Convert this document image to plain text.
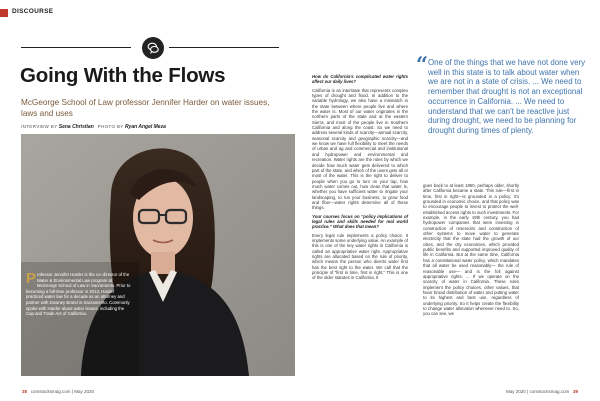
DISCOURSE
Going With the Flows

McGeorge School of Law professor Jennifer Harder on water issues, laws and uses

INTERVIEW BY Sena Christian PHOTO BY Ryan Angel Meza
P rofessor Jennifer Harder is the co–director of the Water & Environmental Law program at McGeorge School of Law in Sacramento. Prior to becoming a full-time professor in 2013, Harder practiced water law for a decade as an attorney and partner with Downey Brand in Sacramento. Commonly spoke with Harder about water issues, including the Cap and Trade Act of California.
38 comstocksmag.com | May 2020

How do California’s complicated water rights affect our daily lives?

California is an interstate that represents complex types of drought and flood. In addition to the variable hydrology, we also have a mismatch in the state between where people live and where the water is. Most of our water originates in the northern parts of the state and at the eastern Sierra, and most of the people live in Southern California and along the coast. So we need to address several kinds of scarcity—annual scarcity, seasonal scarcity and geographic scarcity—and we know we have full flexibility to meet the needs of urban and ag and commercial and institutional and hydropower and environmental and recreation. Water rights are the rules by which we decide how much water gets delivered to which part of the state, and which of the users gets all or most of the water. This is the right to deliver to people when you go to turn on your tap, how much water comes out, how clean that water is, whether you have sufficient water to irrigate your landscaping, to run your business, to grow food and fiber—water rights determine all of these things.

Your courses focus on “policy implications of legal rules and skills needed for real world practice.” What does that mean?

Every legal rule implements a policy choice. It implements some underlying value. An example of this is one of the key water rights in California is called an appropriative water right. Appropriative rights are allocated based on the rule of priority, which means the person who diverts water first has the best right to the water. We call that the principle of “first in time, first in right.” This is one of the older statutes in California. It

“ One of the things that we have not done very well in this state is to talk about water when we are not in a state of crisis. ... We need to remember that drought is not an exceptional occurrence in California. ... We need to understand that we can’t be reactive just during drought, we need to be planning for drought during times of plenty.

goes back to at least 1850, perhaps older, shortly after California became a state. This rule—first in time, first in right—is grounded in a policy; it’s grounded in economic choice, and that policy was to encourage people to invest to protect the well-established access rights to such investments. For example, in the early 19th century, you had hydropower companies that were investing in construction of reservoirs and construction of other systems to move water to generate electricity that the state had the growth of our cities, and the city economies, which provided public benefits and supported improved quality of life in California. But at the same time, California has a constitutional water policy, which mandates that all water be used reasonably— the rule of reasonable use— and is the foil against appropriative rights. ... If we operate on the scarcity of water in California. These rules implement the policy choices, other values, that favor broad distribution of water and putting water to its highest and best use, regardless of underlying priority. So it helps create the flexibility to change water allocation whenever need to. So, you can see, we

May 2020 | comstocksmag.com 39
